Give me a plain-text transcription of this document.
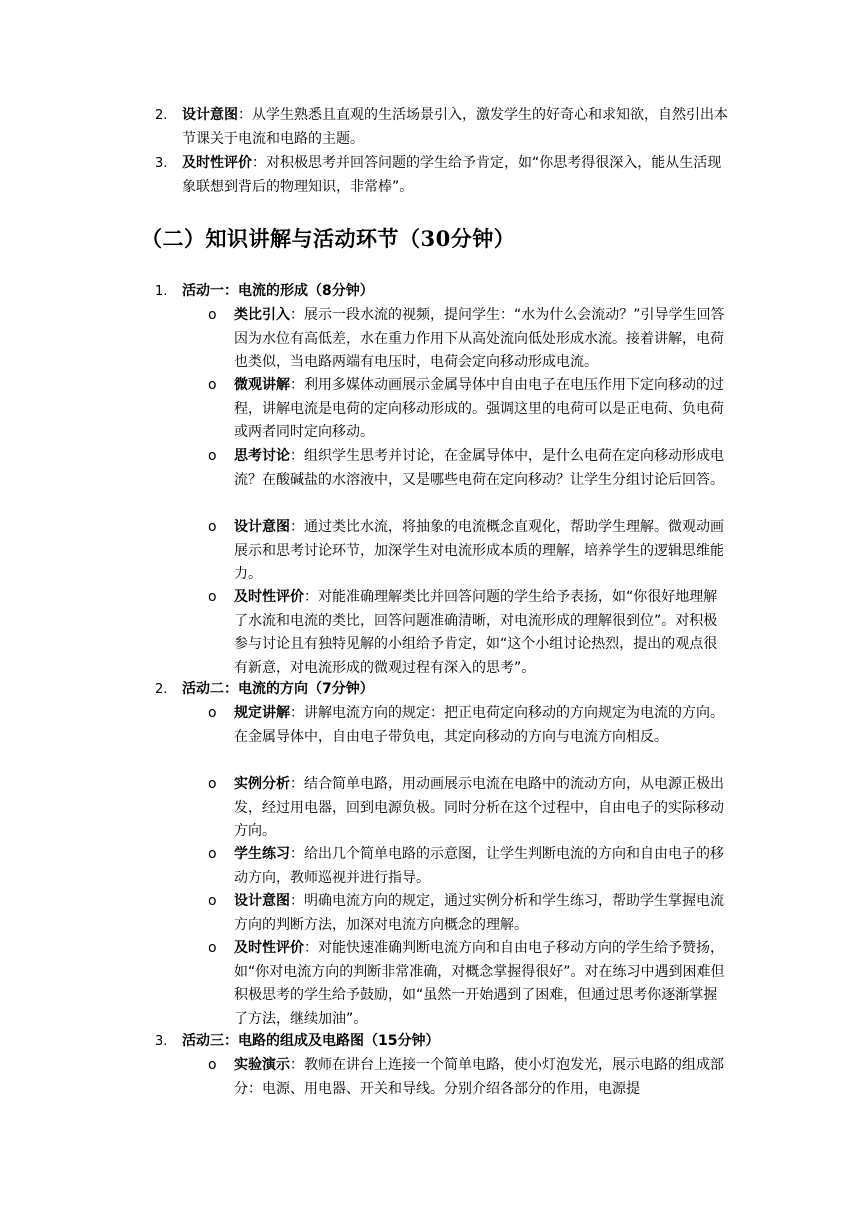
2.	设计意图：从学生熟悉且直观的生活场景引入，激发学生的好奇心和求知欲，自然引出本节课关于电流和电路的主题。
3.	及时性评价：对积极思考并回答问题的学生给予肯定，如“你思考得很深入，能从生活现象联想到背后的物理知识，非常棒”。
（二）知识讲解与活动环节（30分钟）
1.	活动一：电流的形成（8分钟）
o 类比引入：展示一段水流的视频，提问学生：“水为什么会流动？”引导学生回答因为水位有高低差，水在重力作用下从高处流向低处形成水流。接着讲解，电荷也类似，当电路两端有电压时，电荷会定向移动形成电流。
o 微观讲解：利用多媒体动画展示金属导体中自由电子在电压作用下定向移动的过程，讲解电流是电荷的定向移动形成的。强调这里的电荷可以是正电荷、负电荷或两者同时定向移动。
o 思考讨论：组织学生思考并讨论，在金属导体中，是什么电荷在定向移动形成电流？在酸碱盐的水溶液中，又是哪些电荷在定向移动？让学生分组讨论后回答。
o 设计意图：通过类比水流，将抽象的电流概念直观化，帮助学生理解。微观动画展示和思考讨论环节，加深学生对电流形成本质的理解，培养学生的逻辑思维能力。
o 及时性评价：对能准确理解类比并回答问题的学生给予表扬，如“你很好地理解了水流和电流的类比，回答问题准确清晰，对电流形成的理解很到位”。对积极参与讨论且有独特见解的小组给予肯定，如“这个小组讨论热烈，提出的观点很有新意，对电流形成的微观过程有深入的思考”。
2.	活动二：电流的方向（7分钟）
o 规定讲解：讲解电流方向的规定：把正电荷定向移动的方向规定为电流的方向。在金属导体中，自由电子带负电，其定向移动的方向与电流方向相反。
o 实例分析：结合简单电路，用动画展示电流在电路中的流动方向，从电源正极出发，经过用电器，回到电源负极。同时分析在这个过程中，自由电子的实际移动方向。
o 学生练习：给出几个简单电路的示意图，让学生判断电流的方向和自由电子的移动方向，教师巡视并进行指导。
o 设计意图：明确电流方向的规定，通过实例分析和学生练习，帮助学生掌握电流方向的判断方法，加深对电流方向概念的理解。
o 及时性评价：对能快速准确判断电流方向和自由电子移动方向的学生给予赞扬，如“你对电流方向的判断非常准确，对概念掌握得很好”。对在练习中遇到困难但积极思考的学生给予鼓励，如“虽然一开始遇到了困难，但通过思考你逐渐掌握了方法，继续加油”。
3.	活动三：电路的组成及电路图（15分钟）
o 实验演示：教师在讲台上连接一个简单电路，使小灯泡发光，展示电路的组成部分：电源、用电器、开关和导线。分别介绍各部分的作用，电源提
